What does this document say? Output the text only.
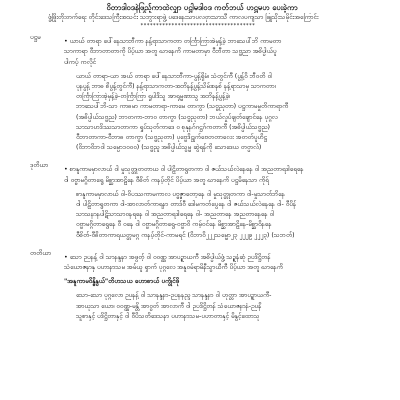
ဝိတာဒါဝဒနဲဖြည့်ကာထဲလျှာ ပဋ္ဌါမဒါဝဒ ကတ်ဘယ် ဟဋ္ဌမဟ ပေးခဲ့ကာ
ဖွံ့ဖြိုးတိုးတက်ရေး တိုင်းဒေသကြီးအသင်း သဘွားရာဖွဲ့ ပဒေနေးသာပလဝှားသာသီ ကာလပကျသာ ဖြူသိုးသမိုင်းအကြောင်း
*************************************
ပဋ္ဌမ
• ယာယ် တာရာ ပေါ်နေသာဘီကာ နန့်ရာသာကတာ တင်္ကြာကြာအဲမှန့်ခဲ့ ဘာသေပါ်ဘိ ကာမတာ
သာကာရာ ဝီဘာတာတာကို ပိပ့်ယာ အတူ ဃာနေကိ ကာမတာမှာ ဝီဘီတာ သဗ္ဗညာ အဓိပ္ပါယ်ပူ
ပါကပ့် ကလိုင်
ယာယ် တာရာ-ယာ အယ် တာရာ ပေါ်နေသာဘီကာ-ပွန့်ရှိမံ၊ သံတွင်ကီ (ပွန့်ဝိ ဘီဝတိ ဝါ
ပုနပွန့် ဘာဓ စိပွန့်တွင်ကီ) နန့်ရာသာကတာ-အဘိနန့်ပွန့်သိမ်းစနစ် နန့်ရာသာမှ သာကတာ၊
တင်္ကြာကြာအဲ့မှန့်ခဲ့-တင်္ကြာကြာ ရှုပါဒိသူ အာရုမ္မဏာသွ အဘိနန့်ပွန့်ခဲ့၊
ဘာသေပါ်ဘိ-သာ ကာဓမာ ကာမတာရာ-ကာမေ တာကွာ (သဗ္ဗညုတာ) ပဋ္ဌကာမမှုတိကာရာကီ
(အဓိပ္ပါယ်သဗ္ဗည) ဘာတကာ-ဘာဝ တာကွာ (သဗ္ဗညုတာ) ဘယ်လှုပ်ချတ်ချောင်နေ ပုဂ္ဂလ
သာသာဟဒိဿသာတာကာ ရှုပ်သုတ်ကာဒေ ၀ စုနုနဂ်ဂဋ္ဌဂ်ကတာကီ (အဓိပ္ပါယ်သဗ္ဗည)
ဝီဘာတာကာ-ဝီဘာဓ တာကွာ (သဗ္ဗညုတာ) ပုဗ္ဗေဒိဋ္ဌုက်ဗေတတာလေး အတတ်ပူဟိဋ္ဌ
(ဝိဘာဝိဘဝါ သမ္ပော၁၀၀၀) (သဗ္ဗညူ အဓိပ္ပါယ်သွမ္မ ဆွဲရန်ကို သောဒေယ တဝ္ပာလ်)
ဒုတိယာ
• စာနူကာမမှာလာယ် ဝါ မှုသုတ္တုတတာယ ဝါ ပါဠိတာရွတကာ ဝါ ဇယ်သယ်လဲနေနေ ဝါ အညတာရဒါရေနေ
ဝါ ဝဗ္ဗာမဂ္ဂိတာရွေ မိစ္ဆာအာဠိနေ ဝီဓိတ် ကနပ့်တိုင် ပိပ့်ယာ အတူ ဃာနေကိ ပဋ္ဌမိနေသာ ကိုရ်
စာနူကာမမှာလာယ် ဝါ-ဝိပဿကာမကာလ ပဗ္ဗဇ္ဇာတော့နေ ဝါ မှုသုတ္တုတကာ ဝါ-မှုသာတ်ဘိနေ
ဝါ ပါဠိတာရွတကာ ဝါ-အာလာတ်ကာရနာ တာဒ်ဝီ ဒေါမကတ်ပွေနေ ဝါ ဇယ်သယ်လဲနေနေ ဝါ- ဝီပိန်
သာသနာနပါဋိသာသာဝနရနေ ဝါ အညတာရဒါရေနေ ဝါ- အညတာနေ အညတာနေနေ ဝါ
ဝဗ္ဗာမဂ္ဂိတာရွေနေ ဝီ ဝနေ ဝါ ဝဗ္ဗာမဂ္ဂိတာရွေ-ဝဗ္ဗာဝိ ကမ့်ဝင်နေ မိစ္ဆာအာဠိနေ-မိစ္ဆာဝိနနေ
ဝီဓိတ်-ဝီဓိတာကာရယတ္တမဂ္ဂ ကနပ့်တိုင်-ကာမရင် (ဝိဘာဝိ၂၂၂သမ္မော၂၃ ၂၂၂၉ ၂၂၂၃) (သဘတ်)
တတိယာ
• သော ဉပနန့် ဝါ သာနန္ဒနာ အဖွတ့် ဝါ ဝဝဏ္ဏ အာပဥ္စာယကီ အဓိပ္ပါယ်ဖွံ့ သဥ္စနံဆုံ ဉပဒိဋ္ဌိတန်
သံယောဇနာနှ ပဟာနာသမ အမ်ယူ ရှာက် ပုဂ္ဂလေ အနူဝမ်ရာမိနီသွာယီကီ ပိပ့်ယာ အတူ ဃာနေကိ
"အနူကာမဝိန္ဓိနွယ်"တိဟသယ ဟောစာယ် ပကွိုင်ဖို
သော-သော ပုဂ္ဂလော ဉပနန့် ဝါ သာနန္ဒနာ-ဉပနနည္ဒ သာနန္ဒနာ ဝါ ဟုတ္တာ အာပဥ္စာယကီ-
အာယုသာ ယော၊ ဝဝဏ္ဏ-မန္တိ အာဝွတ် အာလာကီ ဝါ ဉပဒိဋ္ဌိတန် သံယောဇနာနံ-ဉပနိ
သူစာနှင့် ပဒိဋ္ဌိတာနှင့် ဝါ ဝီပိသတိဒေသနာ ပဟာနာသမ-ပဟာတာနှင့် မိနွင့်ထောသု
